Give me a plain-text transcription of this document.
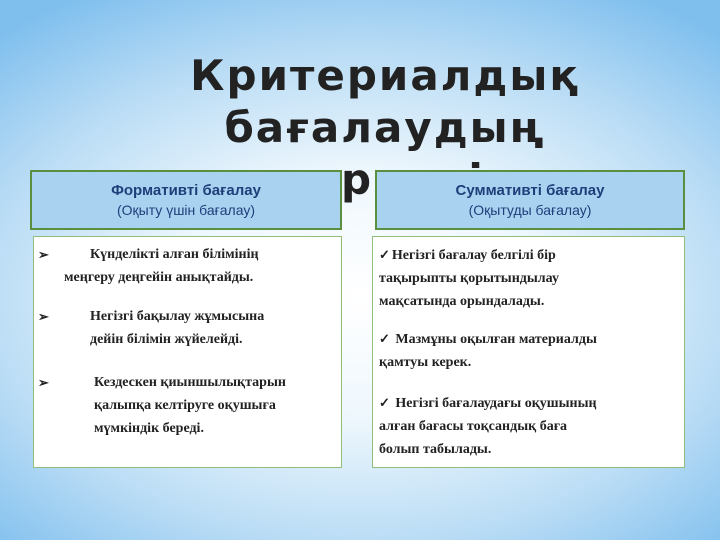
Критериалдық
бағалаудың
Формативті бағалау
(Оқыту үшін бағалау)
Суммативті бағалау
(Оқытуды бағалау)
➢	Күнделікті алған білімінің
меңгеру деңгейін анықтайды.
➢	Негізгі бақылау жұмысына
дейін білімін жүйелейді.
➢	Кездескен қиыншылықтарын
қалыпқа келтіруге оқушыға
мүмкіндік береді.
✓ Негізгі бағалау белгілі бір
тақырыпты қорытындылау
мақсатында орындалады.
✓ Мазмұны оқылған материалды
қамтуы керек.
✓ Негізгі бағалаудағы оқушының
алған бағасы тоқсандық баға
болып табылады.
